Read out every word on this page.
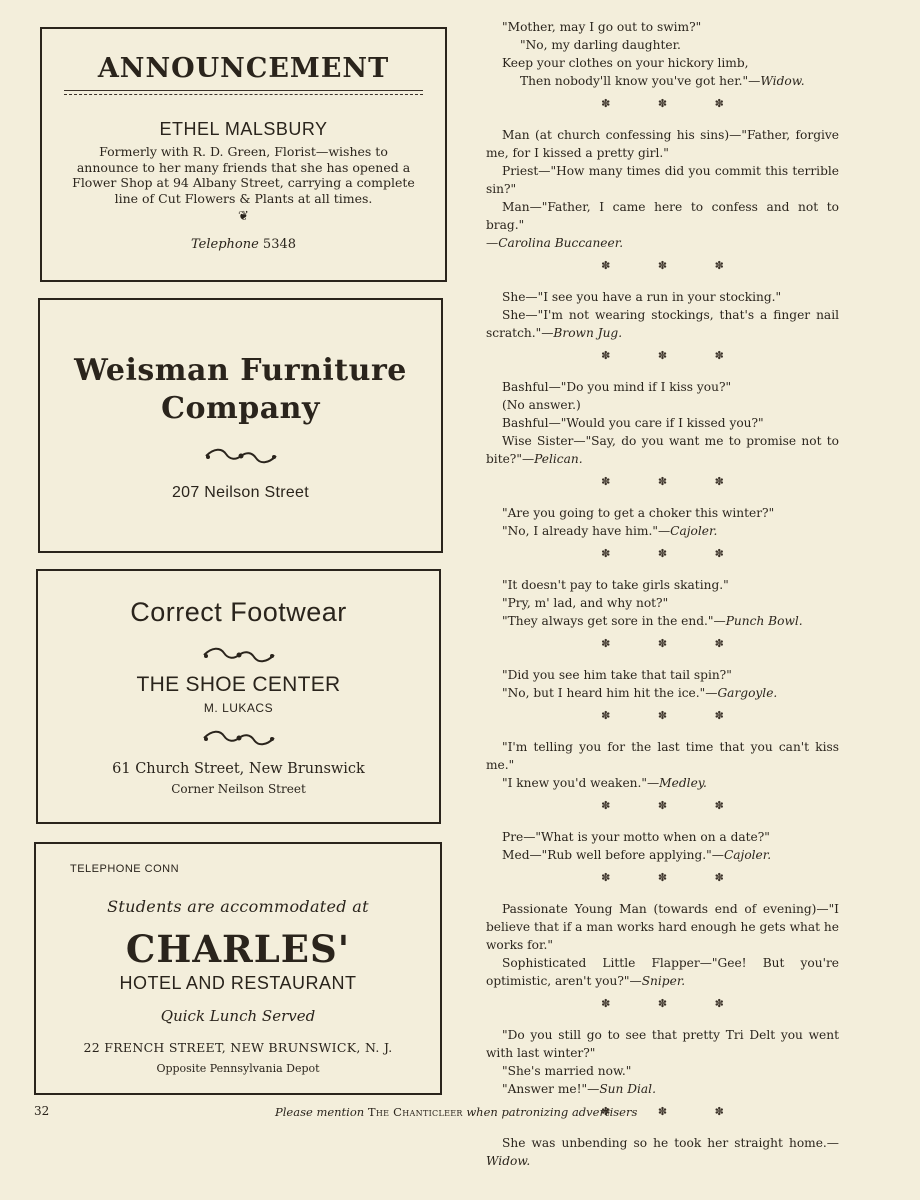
ANNOUNCEMENT
ETHEL MALSBURY
Formerly with R. D. Green, Florist—wishes to announce to her many friends that she has opened a Flower Shop at 94 Albany Street, carrying a complete line of Cut Flowers & Plants at all times.
❦
Telephone 5348
Weisman Furniture
Company
207 Neilson Street
Correct Footwear
THE SHOE CENTER
M. LUKACS
61 Church Street, New Brunswick
Corner Neilson Street
TELEPHONE CONN
Students are accommodated at
CHARLES'
HOTEL AND RESTAURANT
Quick Lunch Served
22 FRENCH STREET, NEW BRUNSWICK, N. J.
Opposite Pennsylvania Depot

"Mother, may I go out to swim?"

"No, my darling daughter.

Keep your clothes on your hickory limb,

Then nobody'll know you've got her."—Widow.

✽ ✽ ✽

Man (at church confessing his sins)—"Father, forgive me, for I kissed a pretty girl."

Priest—"How many times did you commit this terrible sin?"

Man—"Father, I came here to confess and not to brag."

—Carolina Buccaneer.

✽ ✽ ✽

She—"I see you have a run in your stocking."

She—"I'm not wearing stockings, that's a finger nail scratch."—Brown Jug.

✽ ✽ ✽

Bashful—"Do you mind if I kiss you?"

(No answer.)

Bashful—"Would you care if I kissed you?"

Wise Sister—"Say, do you want me to promise not to bite?"—Pelican.

✽ ✽ ✽

"Are you going to get a choker this winter?"

"No, I already have him."—Cajoler.

✽ ✽ ✽

"It doesn't pay to take girls skating."

"Pry, m' lad, and why not?"

"They always get sore in the end."—Punch Bowl.

✽ ✽ ✽

"Did you see him take that tail spin?"

"No, but I heard him hit the ice."—Gargoyle.

✽ ✽ ✽

"I'm telling you for the last time that you can't kiss me."

"I knew you'd weaken."—Medley.

✽ ✽ ✽

Pre—"What is your motto when on a date?"

Med—"Rub well before applying."—Cajoler.

✽ ✽ ✽

Passionate Young Man (towards end of evening)—"I believe that if a man works hard enough he gets what he works for."

Sophisticated Little Flapper—"Gee! But you're optimistic, aren't you?"—Sniper.

✽ ✽ ✽

"Do you still go to see that pretty Tri Delt you went with last winter?"

"She's married now."

"Answer me!"—Sun Dial.

✽ ✽ ✽

She was unbending so he took her straight home.—Widow.

32	Please mention The Chanticleer when patronizing advertisers
